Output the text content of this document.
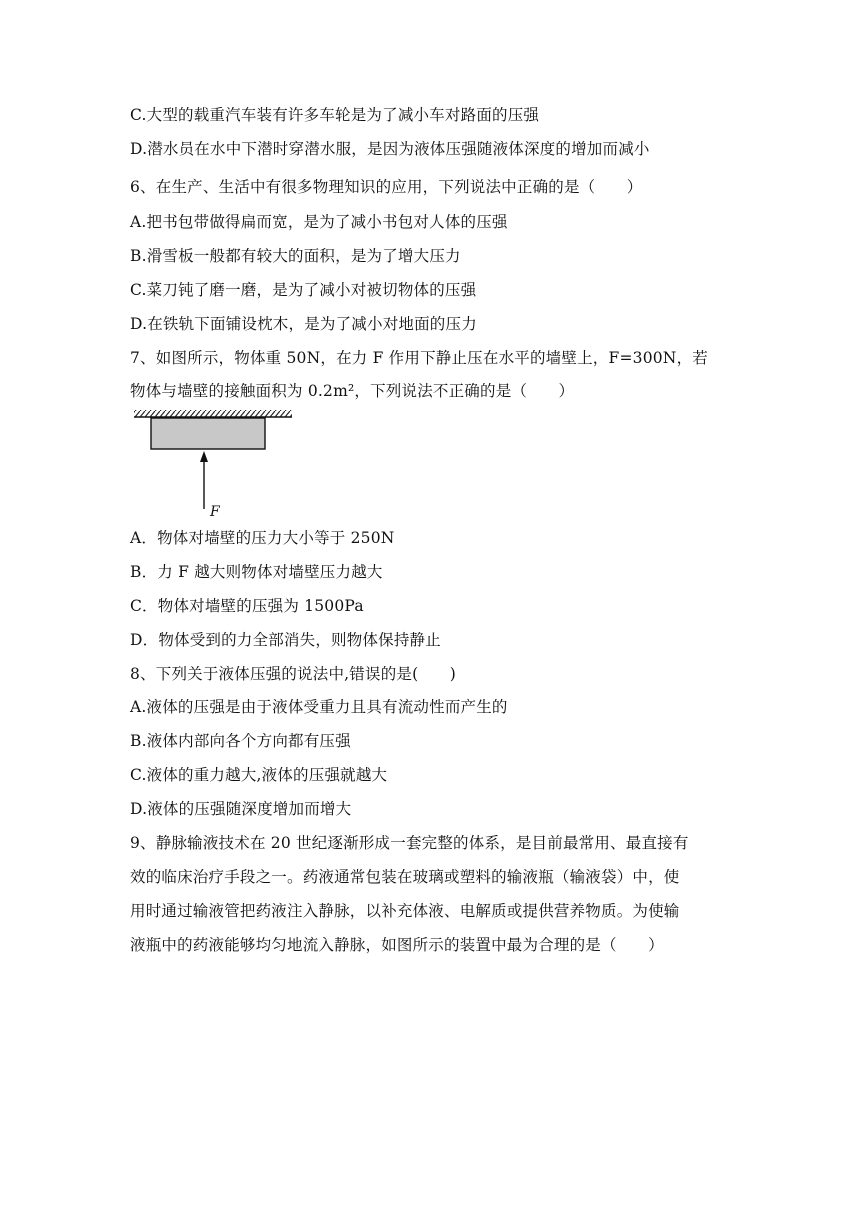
C.大型的载重汽车装有许多车轮是为了减小车对路面的压强
D.潜水员在水中下潜时穿潜水服，是因为液体压强随液体深度的增加而减小
6、在生产、生活中有很多物理知识的应用，下列说法中正确的是（　　）
A.把书包带做得扁而宽，是为了减小书包对人体的压强
B.滑雪板一般都有较大的面积，是为了增大压力
C.菜刀钝了磨一磨，是为了减小对被切物体的压强
D.在铁轨下面铺设枕木，是为了减小对地面的压力
7、如图所示，物体重 50N，在力 F 作用下静止压在水平的墙壁上，F=300N，若
物体与墙壁的接触面积为 0.2m²，下列说法不正确的是（　　）
F
A．物体对墙壁的压力大小等于 250N
B．力 F 越大则物体对墙壁压力越大
C．物体对墙壁的压强为 1500Pa
D．物体受到的力全部消失，则物体保持静止
8、下列关于液体压强的说法中,错误的是(　　)
A.液体的压强是由于液体受重力且具有流动性而产生的
B.液体内部向各个方向都有压强
C.液体的重力越大,液体的压强就越大
D.液体的压强随深度增加而增大
9、静脉输液技术在 20 世纪逐渐形成一套完整的体系，是目前最常用、最直接有
效的临床治疗手段之一。药液通常包装在玻璃或塑料的输液瓶（输液袋）中，使
用时通过输液管把药液注入静脉，以补充体液、电解质或提供营养物质。为使输
液瓶中的药液能够均匀地流入静脉，如图所示的装置中最为合理的是（　　）
